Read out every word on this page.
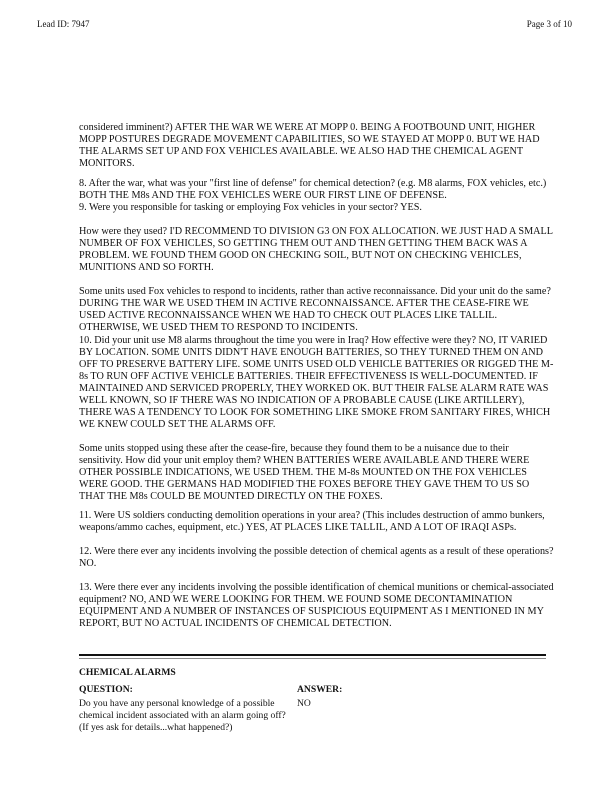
Lead ID: 7947	Page 3 of 10

considered imminent?) AFTER THE WAR WE WERE AT MOPP 0. BEING A FOOTBOUND UNIT, HIGHER MOPP POSTURES DEGRADE MOVEMENT CAPABILITIES, SO WE STAYED AT MOPP 0. BUT WE HAD THE ALARMS SET UP AND FOX VEHICLES AVAILABLE. WE ALSO HAD THE CHEMICAL AGENT MONITORS.

8. After the war, what was your "first line of defense" for chemical detection? (e.g. M8 alarms, FOX vehicles, etc.) BOTH THE M8s AND THE FOX VEHICLES WERE OUR FIRST LINE OF DEFENSE.

9. Were you responsible for tasking or employing Fox vehicles in your sector? YES.

How were they used? I'D RECOMMEND TO DIVISION G3 ON FOX ALLOCATION. WE JUST HAD A SMALL NUMBER OF FOX VEHICLES, SO GETTING THEM OUT AND THEN GETTING THEM BACK WAS A PROBLEM. WE FOUND THEM GOOD ON CHECKING SOIL, BUT NOT ON CHECKING VEHICLES, MUNITIONS AND SO FORTH.

Some units used Fox vehicles to respond to incidents, rather than active reconnaissance. Did your unit do the same? DURING THE WAR WE USED THEM IN ACTIVE RECONNAISSANCE. AFTER THE CEASE-FIRE WE USED ACTIVE RECONNAISSANCE WHEN WE HAD TO CHECK OUT PLACES LIKE TALLIL. OTHERWISE, WE USED THEM TO RESPOND TO INCIDENTS.

10. Did your unit use M8 alarms throughout the time you were in Iraq? How effective were they? NO, IT VARIED BY LOCATION. SOME UNITS DIDN'T HAVE ENOUGH BATTERIES, SO THEY TURNED THEM ON AND OFF TO PRESERVE BATTERY LIFE. SOME UNITS USED OLD VEHICLE BATTERIES OR RIGGED THE M-8s TO RUN OFF ACTIVE VEHICLE BATTERIES. THEIR EFFECTIVENESS IS WELL-DOCUMENTED. IF MAINTAINED AND SERVICED PROPERLY, THEY WORKED OK. BUT THEIR FALSE ALARM RATE WAS WELL KNOWN, SO IF THERE WAS NO INDICATION OF A PROBABLE CAUSE (LIKE ARTILLERY), THERE WAS A TENDENCY TO LOOK FOR SOMETHING LIKE SMOKE FROM SANITARY FIRES, WHICH WE KNEW COULD SET THE ALARMS OFF.

Some units stopped using these after the cease-fire, because they found them to be a nuisance due to their sensitivity. How did your unit employ them? WHEN BATTERIES WERE AVAILABLE AND THERE WERE OTHER POSSIBLE INDICATIONS, WE USED THEM. THE M-8s MOUNTED ON THE FOX VEHICLES WERE GOOD. THE GERMANS HAD MODIFIED THE FOXES BEFORE THEY GAVE THEM TO US SO THAT THE M8s COULD BE MOUNTED DIRECTLY ON THE FOXES.

11. Were US soldiers conducting demolition operations in your area? (This includes destruction of ammo bunkers, weapons/ammo caches, equipment, etc.) YES, AT PLACES LIKE TALLIL, AND A LOT OF IRAQI ASPs.

12. Were there ever any incidents involving the possible detection of chemical agents as a result of these operations? NO.

13. Were there ever any incidents involving the possible identification of chemical munitions or chemical-associated equipment? NO, AND WE WERE LOOKING FOR THEM. WE FOUND SOME DECONTAMINATION EQUIPMENT AND A NUMBER OF INSTANCES OF SUSPICIOUS EQUIPMENT AS I MENTIONED IN MY REPORT, BUT NO ACTUAL INCIDENTS OF CHEMICAL DETECTION.

CHEMICAL ALARMS
QUESTION:	ANSWER:
Do you have any personal knowledge of a possible chemical incident associated with an alarm going off? (If yes ask for details...what happened?)
NO
